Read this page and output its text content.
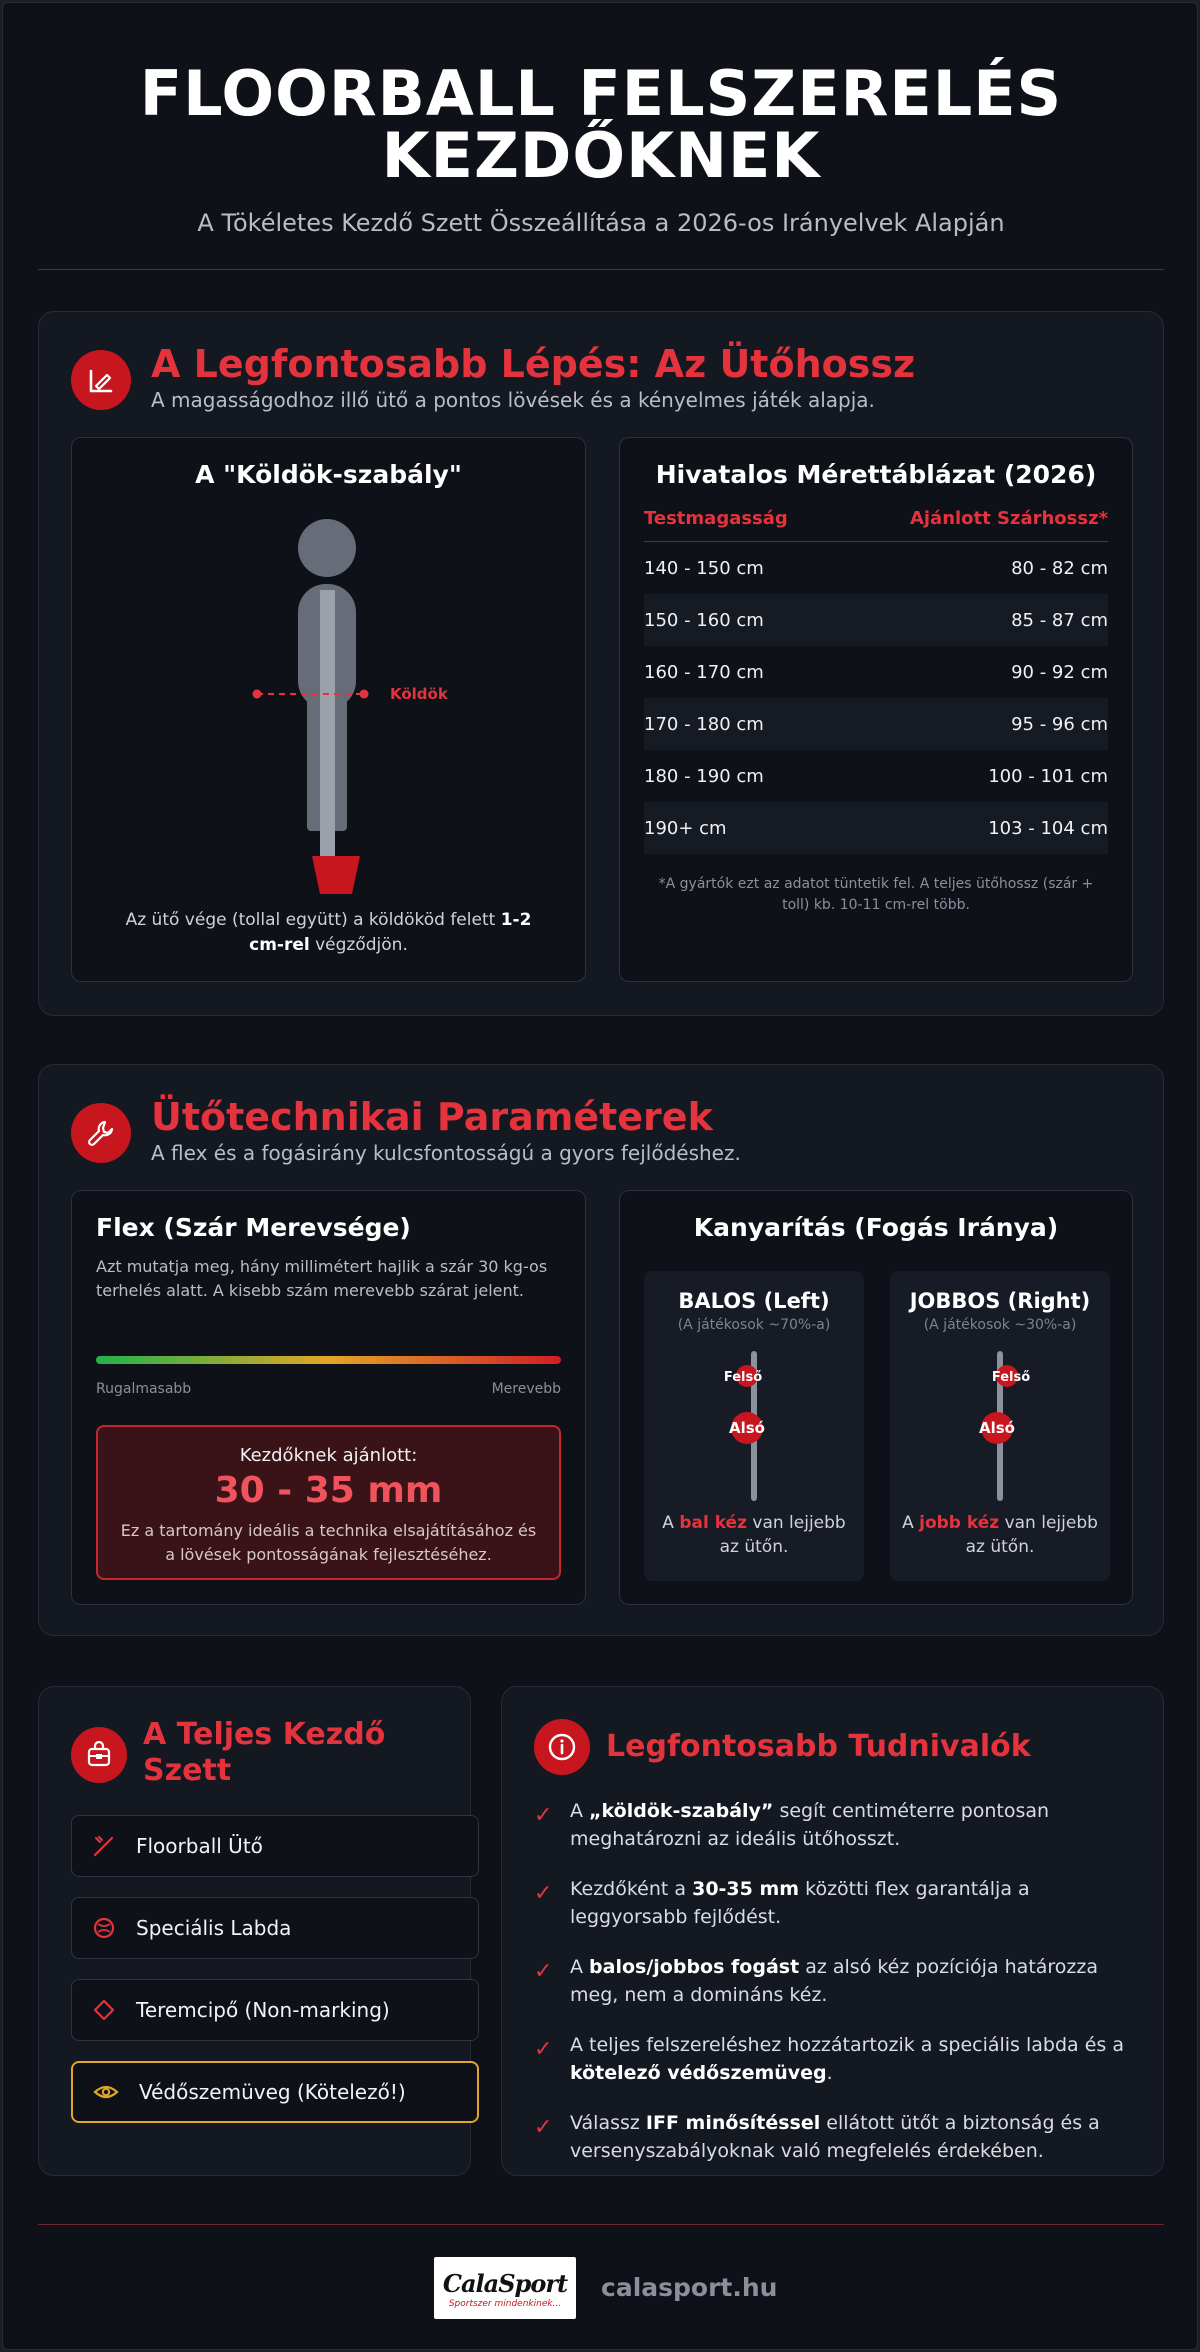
FLOORBALL FELSZERELÉS
KEZDŐKNEK
A Tökéletes Kezdő Szett Összeállítása a 2026-os Irányelvek Alapján
A Legfontosabb Lépés: Az Ütőhossz
A magasságodhoz illő ütő a pontos lövések és a kényelmes játék alapja.
A "Köldök-szabály"
Köldök
Az ütő vége (tollal együtt) a köldököd felett 1-2 cm-rel végződjön.
Hivatalos Mérettáblázat (2026)
Testmagasság	Ajánlott Szárhossz*
140 - 150 cm	80 - 82 cm
150 - 160 cm	85 - 87 cm
160 - 170 cm	90 - 92 cm
170 - 180 cm	95 - 96 cm
180 - 190 cm	100 - 101 cm
190+ cm	103 - 104 cm
*A gyártók ezt az adatot tüntetik fel. A teljes ütőhossz (szár + toll) kb. 10-11 cm-rel több.
Ütőtechnikai Paraméterek
A flex és a fogásirány kulcsfontosságú a gyors fejlődéshez.
Flex (Szár Merevsége)
Azt mutatja meg, hány millimétert hajlik a szár 30 kg-os terhelés alatt. A kisebb szám merevebb szárat jelent.
Rugalmasabb	Merevebb
Kezdőknek ajánlott:
30 - 35 mm
Ez a tartomány ideális a technika elsajátításához és a lövések pontosságának fejlesztéséhez.
Kanyarítás (Fogás Iránya)
BALOS (Left)
(A játékosok ~70%-a)
Felső
Alsó
A bal kéz van lejjebb az ütőn.
JOBBOS (Right)
(A játékosok ~30%-a)
Felső
Alsó
A jobb kéz van lejjebb az ütőn.
A Teljes Kezdő
Szett
Floorball Ütő
Speciális Labda
Teremcipő (Non-marking)
Védőszemüveg (Kötelező!)
Legfontosabb Tudnivalók
✓ A „köldök-szabály” segít centiméterre pontosan meghatározni az ideális ütőhosszt.
✓ Kezdőként a 30-35 mm közötti flex garantálja a leggyorsabb fejlődést.
✓ A balos/jobbos fogást az alsó kéz pozíciója határozza meg, nem a domináns kéz.
✓ A teljes felszereléshez hozzátartozik a speciális labda és a kötelező védőszemüveg.
✓ Válassz IFF minősítéssel ellátott ütőt a biztonság és a versenyszabályoknak való megfelelés érdekében.
CalaSport
Sportszer mindenkinek...
calasport.hu
